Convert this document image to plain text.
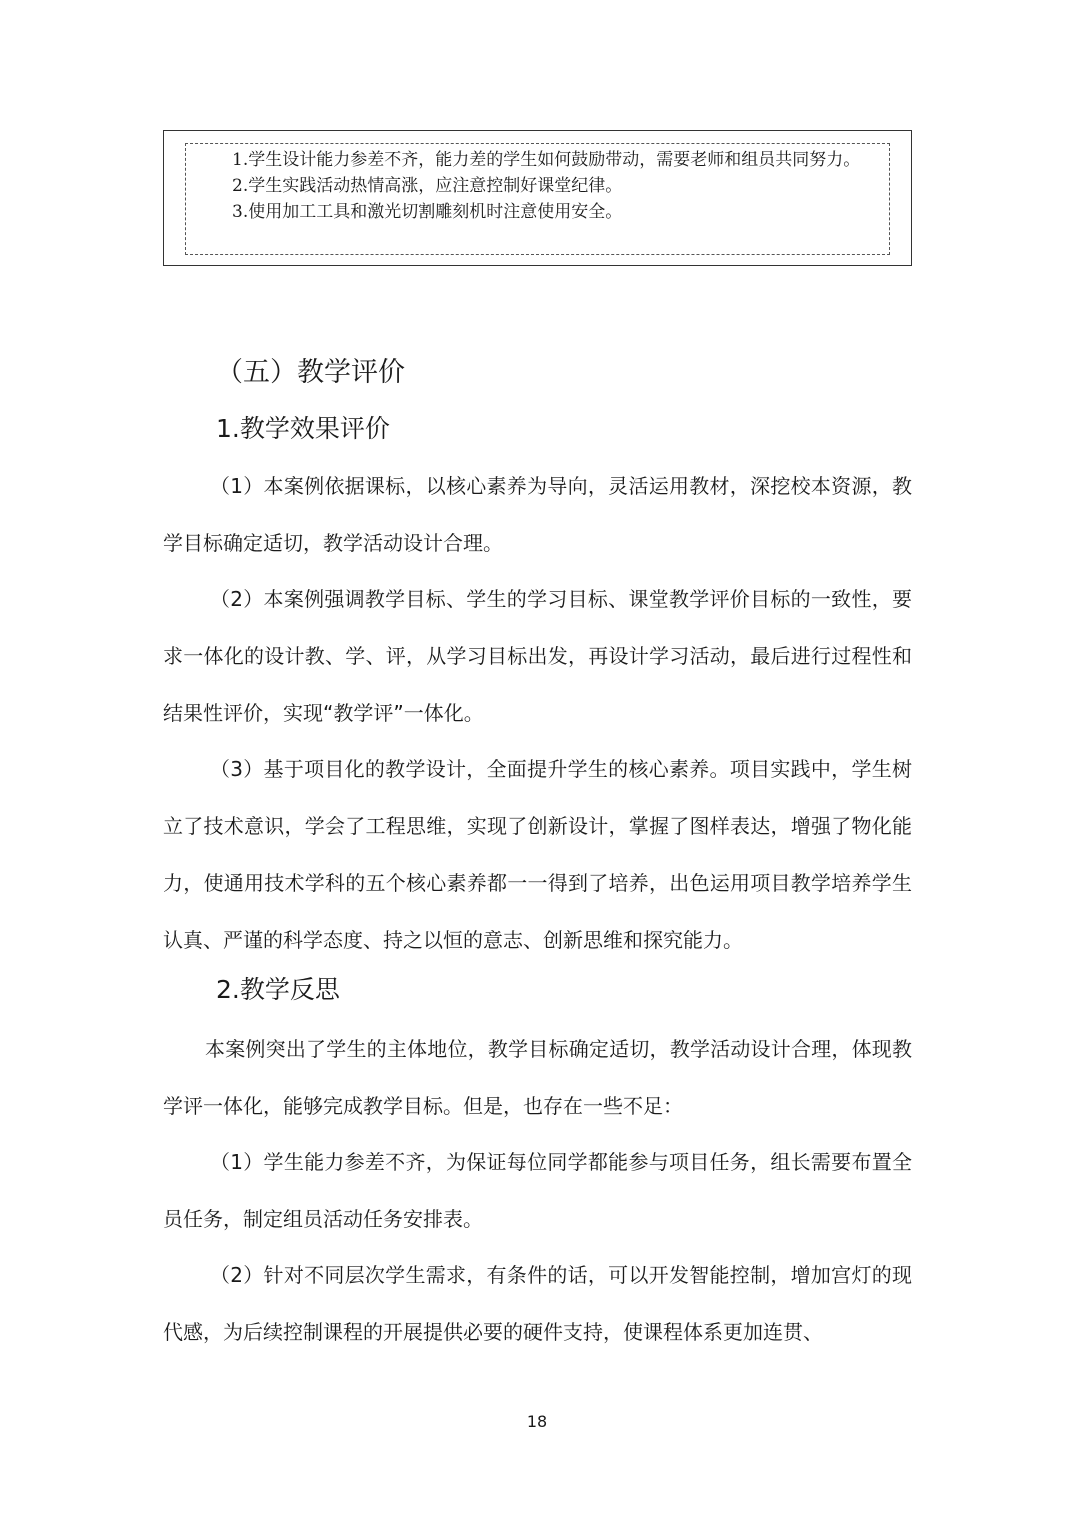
1.学生设计能力参差不齐，能力差的学生如何鼓励带动，需要老师和组员共同努力。

2.学生实践活动热情高涨，应注意控制好课堂纪律。

3.使用加工工具和激光切割雕刻机时注意使用安全。

（五）教学评价
1.教学效果评价

（1）本案例依据课标，以核心素养为导向，灵活运用教材，深挖校本资源，教学目标确定适切，教学活动设计合理。

（2）本案例强调教学目标、学生的学习目标、课堂教学评价目标的一致性，要求一体化的设计教、学、评，从学习目标出发，再设计学习活动，最后进行过程性和结果性评价，实现“教学评”一体化。

（3）基于项目化的教学设计，全面提升学生的核心素养。项目实践中，学生树立了技术意识，学会了工程思维，实现了创新设计，掌握了图样表达，增强了物化能力，使通用技术学科的五个核心素养都一一得到了培养，出色运用项目教学培养学生认真、严谨的科学态度、持之以恒的意志、创新思维和探究能力。

2.教学反思

本案例突出了学生的主体地位，教学目标确定适切，教学活动设计合理，体现教学评一体化，能够完成教学目标。但是，也存在一些不足：

（1）学生能力参差不齐，为保证每位同学都能参与项目任务，组长需要布置全员任务，制定组员活动任务安排表。

（2）针对不同层次学生需求，有条件的话，可以开发智能控制，增加宫灯的现代感，为后续控制课程的开展提供必要的硬件支持，使课程体系更加连贯、

18
